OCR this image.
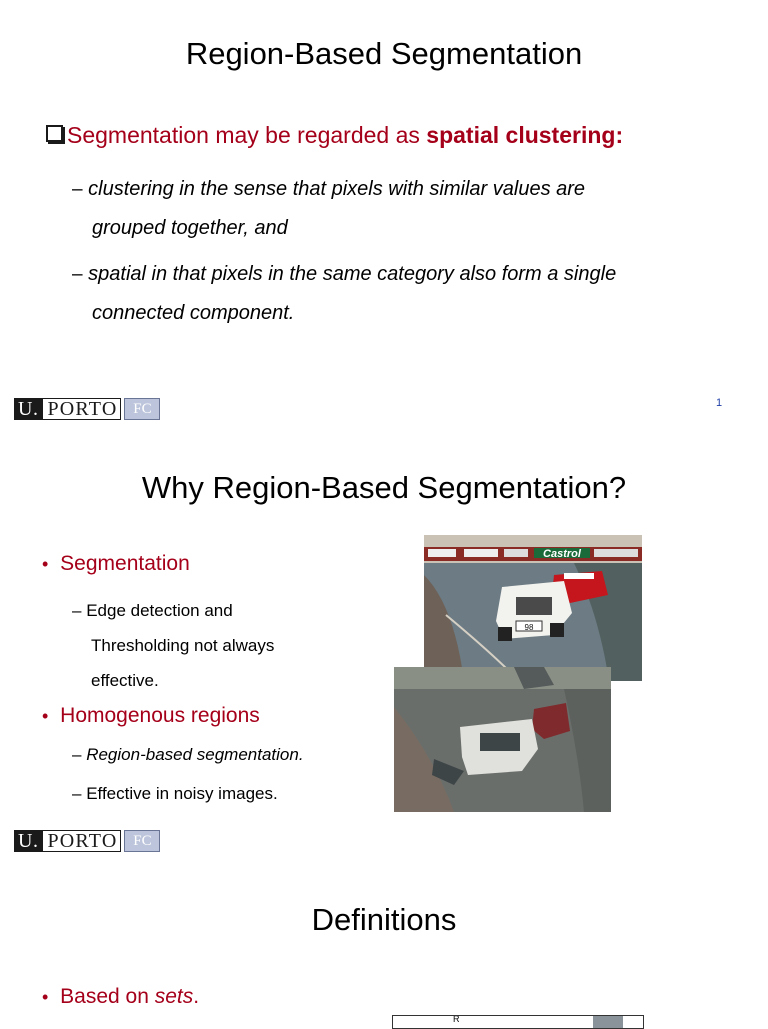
Region-Based Segmentation
Segmentation may be regarded as spatial clustering:
– clustering in the sense that pixels with similar values are
grouped together, and
– spatial in that pixels in the same category also form a single
connected component.
U. PORTO	FC	1
Why Region-Based Segmentation?
• Segmentation
– Edge detection and
Thresholding not always
effective.
• Homogenous regions
– Region-based segmentation.
– Effective in noisy images.
Castrol
98
U. PORTO	FC
Definitions
• Based on sets.
R
